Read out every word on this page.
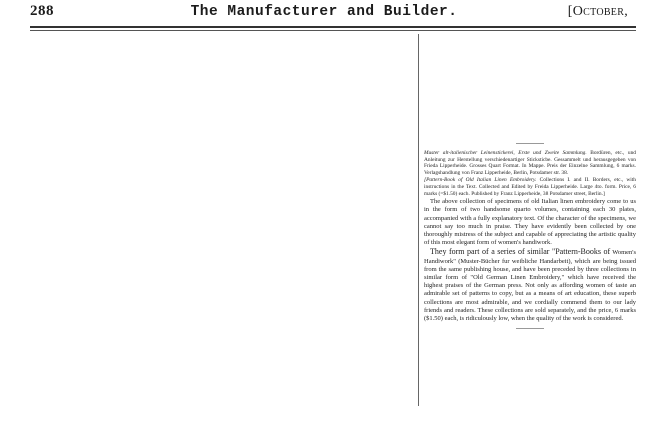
288	The Manufacturer and Builder.	[October,

Muster alt-italienischer Leinenstickerei, Erste und Zweite Sammlung. Bordüren, etc., und Anleitung zur Herstellung verschiedenartiger Sticksticbe. Gessammelt und herausgegeben von Frieda Lipperheide. Grosses Quart Format. In Mappe. Preis der Einzelne Sammlung, 6 marks. Verlagshandlung von Franz Lipperheide, Berlin, Potsdamer str. 38.

[Pattern-Book of Old Italian Linen Embroidery. Collections I. and II. Borders, etc., with instructions in the Text. Collected and Edited by Freida Lipperheide. Large 4to. form. Price, 6 marks (=$1.50) each. Published by Franz Lipperheide, 38 Potsdamer street, Berlin.]

The above collection of specimens of old Italian linen embroidery come to us in the form of two handsome quarto volumes, containing each 30 plates, accompanied with a fully explanatory text. Of the character of the specimens, we cannot say too much in praise. They have evidently been collected by one thoroughly mistress of the subject and capable of appreciating the artistic quality of this most elegant form of women's handiwork.

They form part of a series of similar "Pattern-Books of Women's Handiwork" (Muster-Bücher fur weibliche Handarbeit), which are being issued from the same publishing house, and have been preceded by three collections in similar form of "Old German Linen Embroidery," which have received the highest praises of the German press. Not only as affording women of taste an admirable set of patterns to copy, but as a means of art education, these superb collections are most admirable, and we cordially commend them to our lady friends and readers. These collections are sold separately, and the price, 6 marks ($1.50) each, is ridiculously low, when the quality of the work is considered.
